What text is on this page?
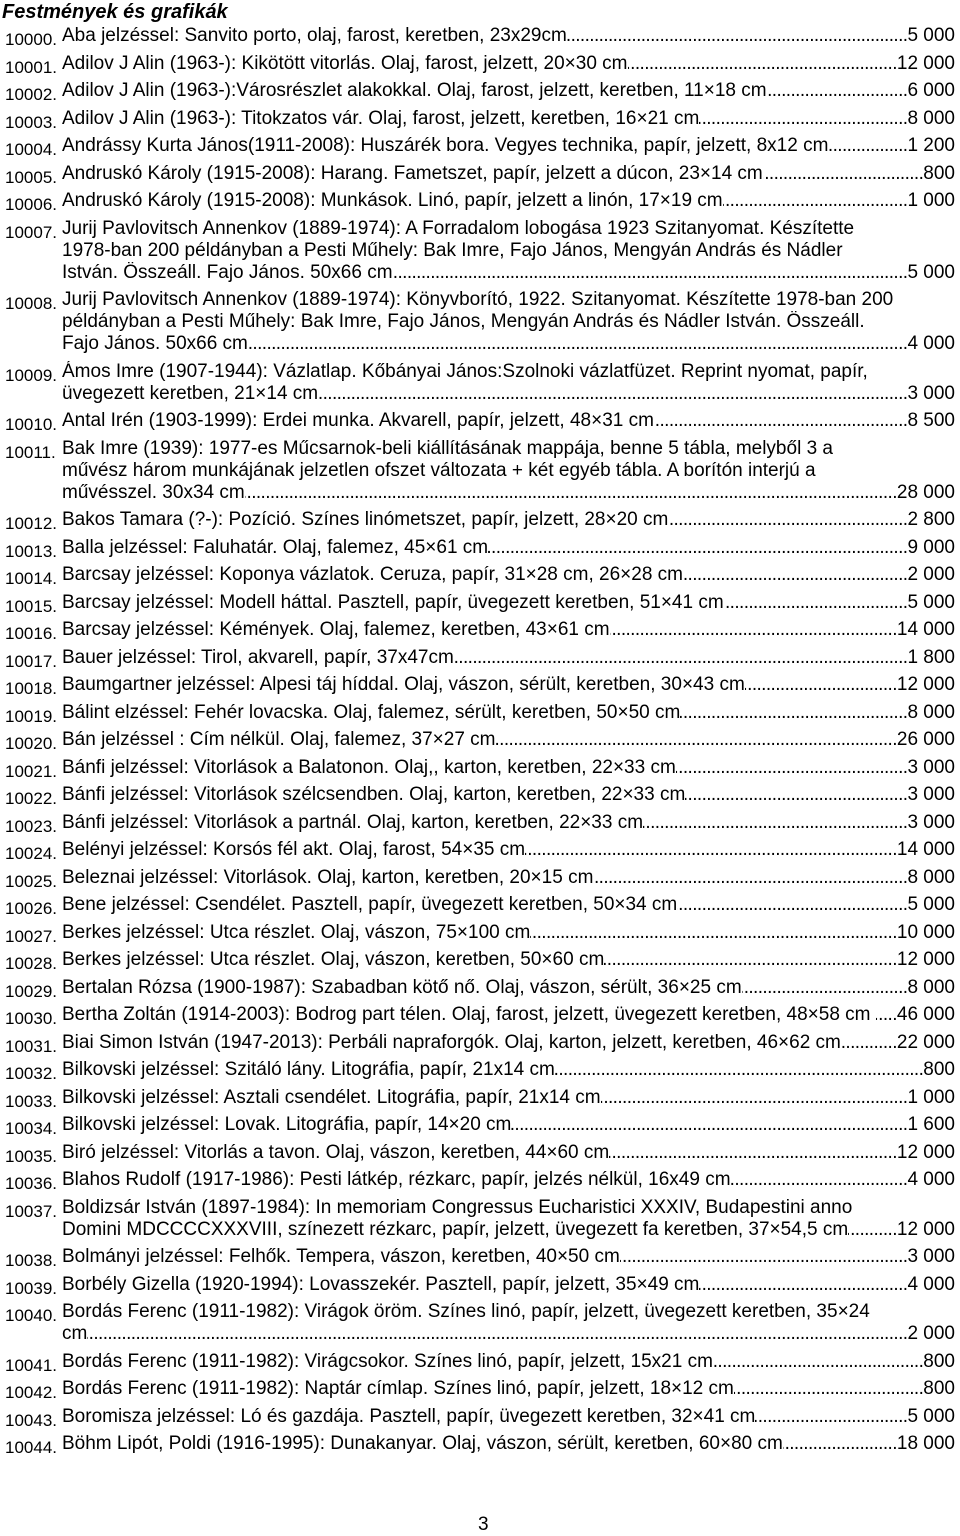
Festmények és grafikák
10000. Aba jelzéssel: Sanvito porto, olaj, farost, keretben, 23x29cm .....	5 000
10001. Adilov J Alin (1963-): Kikötött vitorlás. Olaj, farost, jelzett, 20×30 cm .....	12 000
10002. Adilov J Alin (1963-):Városrészlet alakokkal. Olaj, farost, jelzett, keretben, 11×18 cm .....	6 000
10003. Adilov J Alin (1963-): Titokzatos vár. Olaj, farost, jelzett, keretben, 16×21 cm .....	8 000
10004. Andrássy Kurta János(1911-2008): Huszárék bora. Vegyes technika, papír, jelzett, 8x12 cm .....	1 200
10005. Andruskó Károly (1915-2008): Harang. Fametszet, papír, jelzett a dúcon, 23×14 cm .....	800
10006. Andruskó Károly (1915-2008): Munkások. Linó, papír, jelzett a linón, 17×19 cm .....	1 000
10007. Jurij Pavlovitsch Annenkov (1889-1974): A Forradalom lobogása 1923 Szitanyomat. Készítette
1978-ban 200 példányban a Pesti Műhely: Bak Imre, Fajo János, Mengyán András és Nádler
István. Összeáll. Fajo János. 50x66 cm .....	5 000
10008. Jurij Pavlovitsch Annenkov (1889-1974): Könyvborító, 1922. Szitanyomat. Készítette 1978-ban 200
példányban a Pesti Műhely: Bak Imre, Fajo János, Mengyán András és Nádler István. Összeáll.
Fajo János. 50x66 cm .....	4 000
10009. Ámos Imre (1907-1944): Vázlatlap. Kőbányai János:Szolnoki vázlatfüzet. Reprint nyomat, papír,
üvegezett keretben, 21×14 cm .....	3 000
10010. Antal Irén (1903-1999): Erdei munka. Akvarell, papír, jelzett, 48×31 cm .....	8 500
10011. Bak Imre (1939): 1977-es Műcsarnok-beli kiállításának mappája, benne 5 tábla, melyből 3 a
művész három munkájának jelzetlen ofszet változata + két egyéb tábla. A borítón interjú a
művésszel. 30x34 cm .....	28 000
10012. Bakos Tamara (?-): Pozíció. Színes linómetszet, papír, jelzett, 28×20 cm .....	2 800
10013. Balla jelzéssel: Faluhatár. Olaj, falemez, 45×61 cm .....	9 000
10014. Barcsay jelzéssel: Koponya vázlatok. Ceruza, papír, 31×28 cm, 26×28 cm .....	2 000
10015. Barcsay jelzéssel: Modell háttal. Pasztell, papír, üvegezett keretben, 51×41 cm .....	5 000
10016. Barcsay jelzéssel: Kémények. Olaj, falemez, keretben, 43×61 cm .....	14 000
10017. Bauer jelzéssel: Tirol, akvarell, papír, 37x47cm .....	1 800
10018. Baumgartner jelzéssel: Alpesi táj híddal. Olaj, vászon, sérült, keretben, 30×43 cm .....	12 000
10019. Bálint elzéssel: Fehér lovacska. Olaj, falemez, sérült, keretben, 50×50 cm .....	8 000
10020. Bán jelzéssel : Cím nélkül. Olaj, falemez, 37×27 cm .....	26 000
10021. Bánfi jelzéssel: Vitorlások a Balatonon. Olaj,, karton, keretben, 22×33 cm .....	3 000
10022. Bánfi jelzéssel: Vitorlások szélcsendben. Olaj, karton, keretben, 22×33 cm .....	3 000
10023. Bánfi jelzéssel: Vitorlások a partnál. Olaj, karton, keretben, 22×33 cm .....	3 000
10024. Belényi jelzéssel: Korsós fél akt. Olaj, farost, 54×35 cm .....	14 000
10025. Beleznai jelzéssel: Vitorlások. Olaj, karton, keretben, 20×15 cm .....	8 000
10026. Bene jelzéssel: Csendélet. Pasztell, papír, üvegezett keretben, 50×34 cm .....	5 000
10027. Berkes jelzéssel: Utca részlet. Olaj, vászon, 75×100 cm .....	10 000
10028. Berkes jelzéssel: Utca részlet. Olaj, vászon, keretben, 50×60 cm .....	12 000
10029. Bertalan Rózsa (1900-1987): Szabadban kötő nő. Olaj, vászon, sérült, 36×25 cm .....	8 000
10030. Bertha Zoltán (1914-2003): Bodrog part télen. Olaj, farost, jelzett, üvegezett keretben, 48×58 cm ..... 46 000
10031. Biai Simon István (1947-2013): Perbáli napraforgók. Olaj, karton, jelzett, keretben, 46×62 cm .....	22 000
10032. Bilkovski jelzéssel: Szitáló lány. Litográfia, papír, 21x14 cm .....	800
10033. Bilkovski jelzéssel: Asztali csendélet. Litográfia, papír, 21x14 cm .....	1 000
10034. Bilkovski jelzéssel: Lovak. Litográfia, papír, 14×20 cm .....	1 600
10035. Biró jelzéssel: Vitorlás a tavon. Olaj, vászon, keretben, 44×60 cm .....	12 000
10036. Blahos Rudolf (1917-1986): Pesti látkép, rézkarc, papír, jelzés nélkül, 16x49 cm .....	4 000
10037. Boldizsár István (1897-1984): In memoriam Congressus Eucharistici XXXIV, Budapestini anno
Domini MDCCCCXXXVIII, színezett rézkarc, papír, jelzett, üvegezett fa keretben, 37×54,5 cm .....	12 000
10038. Bolmányi jelzéssel: Felhők. Tempera, vászon, keretben, 40×50 cm .....	3 000
10039. Borbély Gizella (1920-1994): Lovasszekér. Pasztell, papír, jelzett, 35×49 cm .....	4 000
10040. Bordás Ferenc (1911-1982): Virágok öröm. Színes linó, papír, jelzett, üvegezett keretben, 35×24
cm .....	2 000
10041. Bordás Ferenc (1911-1982): Virágcsokor. Színes linó, papír, jelzett, 15x21 cm .....	800
10042. Bordás Ferenc (1911-1982): Naptár címlap. Színes linó, papír, jelzett, 18×12 cm .....	800
10043. Boromisza jelzéssel: Ló és gazdája. Pasztell, papír, üvegezett keretben, 32×41 cm .....	5 000
10044. Böhm Lipót, Poldi (1916-1995): Dunakanyar. Olaj, vászon, sérült, keretben, 60×80 cm .....	18 000
3
